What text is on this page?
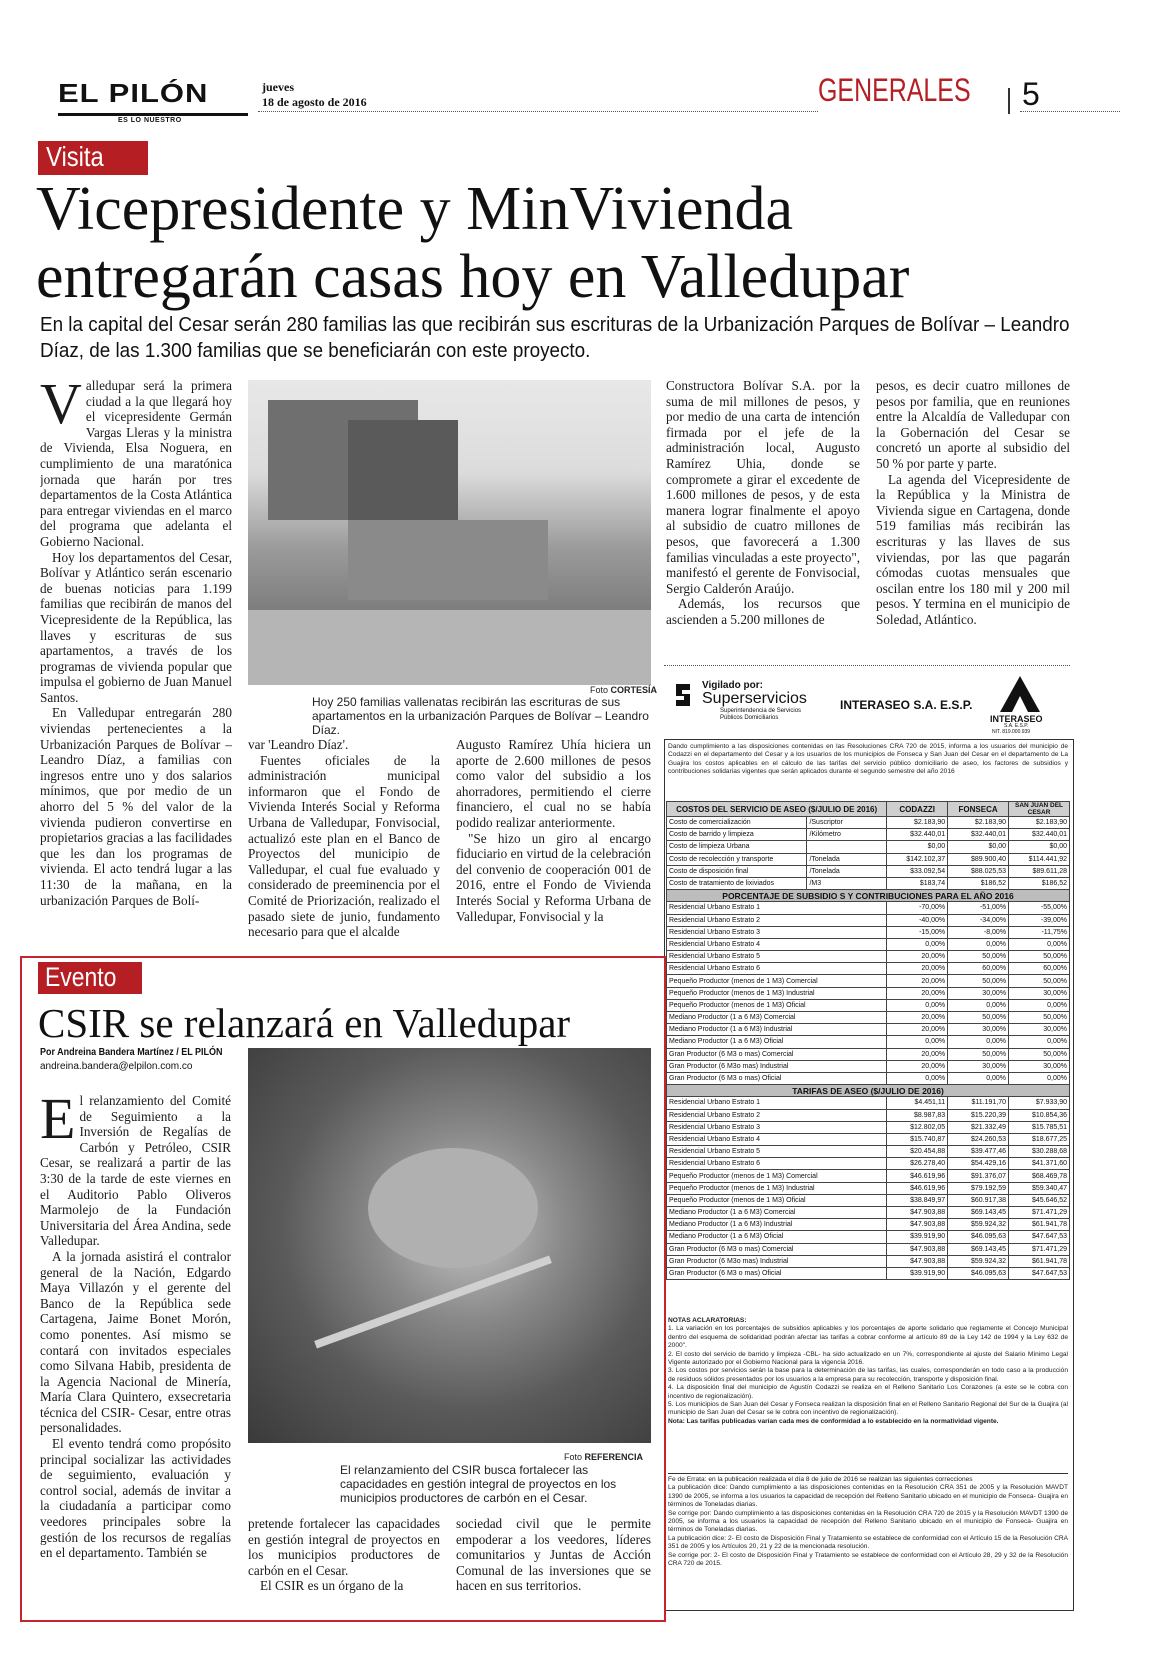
EL PILÓN
ES LO NUESTRO
jueves
18 de agosto de 2016	GENERALES 5
Visita
Vicepresidente y MinVivienda
entregarán casas hoy en Valledupar
En la capital del Cesar serán 280 familias las que recibirán sus escrituras de la Urbanización Parques de Bolívar – Leandro Díaz, de las 1.300 familias que se beneficiarán con este proyecto.
V alledupar será la primera ciudad a la que llegará hoy el vicepresidente Germán Vargas Lleras y la ministra de Vivienda, Elsa Noguera, en cumplimiento de una maratónica jornada que harán por tres departamentos de la Costa Atlántica para entregar viviendas en el marco del programa que adelanta el Gobierno Nacional.

Hoy los departamentos del Cesar, Bolívar y Atlántico serán escenario de buenas noticias para 1.199 familias que recibirán de manos del Vicepresidente de la República, las llaves y escrituras de sus apartamentos, a través de los programas de vivienda popular que impulsa el gobierno de Juan Manuel Santos.

En Valledupar entregarán 280 viviendas pertenecientes a la Urbanización Parques de Bolívar – Leandro Díaz, a familias con ingresos entre uno y dos salarios mínimos, que por medio de un ahorro del 5 % del valor de la vivienda pudieron convertirse en propietarios gracias a las facilidades que les dan los programas de vivienda. El acto tendrá lugar a las 11:30 de la mañana, en la urbanización Parques de Bolí-

Foto CORTESÍA
Hoy 250 familias vallenatas recibirán las escrituras de sus apartamentos en la urbanización Parques de Bolívar – Leandro Díaz.

var 'Leandro Díaz'.

Fuentes oficiales de la administración municipal informaron que el Fondo de Vivienda Interés Social y Reforma Urbana de Valledupar, Fonvisocial, actualizó este plan en el Banco de Proyectos del municipio de Valledupar, el cual fue evaluado y considerado de preeminencia por el Comité de Priorización, realizado el pasado siete de junio, fundamento necesario para que el alcalde

Augusto Ramírez Uhía hiciera un aporte de 2.600 millones de pesos como valor del subsidio a los ahorradores, permitiendo el cierre financiero, el cual no se había podido realizar anteriormente.

"Se hizo un giro al encargo fiduciario en virtud de la celebración del convenio de cooperación 001 de 2016, entre el Fondo de Vivienda Interés Social y Reforma Urbana de Valledupar, Fonvisocial y la

Constructora Bolívar S.A. por la suma de mil millones de pesos, y por medio de una carta de intención firmada por el jefe de la administración local, Augusto Ramírez Uhia, donde se compromete a girar el excedente de 1.600 millones de pesos, y de esta manera lograr finalmente el apoyo al subsidio de cuatro millones de pesos, que favorecerá a 1.300 familias vinculadas a este proyecto", manifestó el gerente de Fonvisocial, Sergio Calderón Araújo.

Además, los recursos que ascienden a 5.200 millones de

pesos, es decir cuatro millones de pesos por familia, que en reuniones entre la Alcaldía de Valledupar con la Gobernación del Cesar se concretó un aporte al subsidio del 50 % por parte y parte.

La agenda del Vicepresidente de la República y la Ministra de Vivienda sigue en Cartagena, donde 519 familias más recibirán las escrituras y las llaves de sus viviendas, por las que pagarán cómodas cuotas mensuales que oscilan entre los 180 mil y 200 mil pesos. Y termina en el municipio de Soledad, Atlántico.

Vigilado por:
Superservicios
Superintendencia de Servicios
Públicos Domiciliarios
INTERASEO S.A. E.S.P.
INTERASEO
S.A. E.S.P.
NIT. 819.000.939
Dando cumplimiento a las disposiciones contenidas en las Resoluciones CRA 720 de 2015, informa a los usuarios del municipio de Codazzi en el departamento del Cesar y a los usuarios de los municipios de Fonseca y San Juan del Cesar en el departamento de La Guajira los costos aplicables en el cálculo de las tarifas del servicio público domiciliario de aseo, los factores de subsidios y contribuciones solidarias vigentes que serán aplicados durante el segundo semestre del año 2016
COSTOS DEL SERVICIO DE ASEO ($/JULIO DE 2016)		CODAZZI	FONSECA	SAN JUAN DEL CESAR
Costo de comercialización	/Suscriptor	$2.183,90	$2.183,90	$2.183,90
Costo de barrido y limpieza	/Kilómetro	$32.440,01	$32.440,01	$32.440,01
Costo de limpieza Urbana		$0,00	$0,00	$0,00
Costo de recolección y transporte	/Tonelada	$142.102,37	$89.900,40	$114.441,92
Costo de disposición final	/Tonelada	$33.092,54	$88.025,53	$89.611,28
Costo de tratamiento de lixiviados	/M3	$183,74	$186,52	$186,52
PORCENTAJE DE SUBSIDIO S Y CONTRIBUCIONES PARA EL AÑO 2016				
Residencial Urbano Estrato 1		-70,00%	-51,00%	-55,00%
Residencial Urbano Estrato 2		-40,00%	-34,00%	-39,00%
Residencial Urbano Estrato 3		-15,00%	-8,00%	-11,75%
Residencial Urbano Estrato 4		0,00%	0,00%	0,00%
Residencial Urbano Estrato 5		20,00%	50,00%	50,00%
Residencial Urbano Estrato 6		20,00%	60,00%	60,00%
Pequeño Productor (menos de 1 M3) Comercial		20,00%	50,00%	50,00%
Pequeño Productor (menos de 1 M3) Industrial		20,00%	30,00%	30,00%
Pequeño Productor (menos de 1 M3) Oficial		0,00%	0,00%	0,00%
Mediano Productor (1 a 6 M3) Comercial		20,00%	50,00%	50,00%
Mediano Productor (1 a 6 M3) Industrial		20,00%	30,00%	30,00%
Mediano Productor (1 a 6 M3) Oficial		0,00%	0,00%	0,00%
Gran Productor (6 M3 o mas) Comercial		20,00%	50,00%	50,00%
Gran Productor (6 M3o mas) Industrial		20,00%	30,00%	30,00%
Gran Productor (6 M3 o mas) Oficial		0,00%	0,00%	0,00%
TARIFAS DE ASEO ($/JULIO DE 2016)				
Residencial Urbano Estrato 1		$4.451,11	$11.191,70	$7.933,90
Residencial Urbano Estrato 2		$8.987,83	$15.220,39	$10.854,36
Residencial Urbano Estrato 3		$12.802,05	$21.332,49	$15.785,51
Residencial Urbano Estrato 4		$15.740,87	$24.260,53	$18.677,25
Residencial Urbano Estrato 5		$20.454,88	$39.477,46	$30.288,68
Residencial Urbano Estrato 6		$26.278,40	$54.429,16	$41.371,60
Pequeño Productor (menos de 1 M3) Comercial		$46.619,96	$91.376,07	$68.469,78
Pequeño Productor (menos de 1 M3) Industrial		$46.619,96	$79.192,59	$59.340,47
Pequeño Productor (menos de 1 M3) Oficial		$38.849,97	$60.917,38	$45.646,52
Mediano Productor (1 a 6 M3) Comercial		$47.903,88	$69.143,45	$71.471,29
Mediano Productor (1 a 6 M3) Industrial		$47.903,88	$59.924,32	$61.941,78
Mediano Productor (1 a 6 M3) Oficial		$39.919,90	$46.095,63	$47.647,53
Gran Productor (6 M3 o mas) Comercial		$47.903,88	$69.143,45	$71.471,29
Gran Productor (6 M3o mas) Industrial		$47.903,88	$59.924,32	$61.941,78
Gran Productor (6 M3 o mas) Oficial		$39.919,90	$46.095,63	$47.647,53
NOTAS ACLARATORIAS:
1. La variación en los porcentajes de subsidios aplicables y los porcentajes de aporte solidario que reglamente el Concejo Municipal dentro del esquema de solidaridad podrán afectar las tarifas a cobrar conforme al artículo 89 de la Ley 142 de 1994 y la Ley 632 de 2000".
2. El costo del servicio de barrido y limpieza -CBL- ha sido actualizado en un 7%, correspondiente al ajuste del Salario Mínimo Legal Vigente autorizado por el Gobierno Nacional para la vigencia 2016.
3. Los costos por servicios serán la base para la determinación de las tarifas, las cuales, corresponderán en todo caso a la producción de residuos sólidos presentados por los usuarios a la empresa para su recolección, transporte y disposición final.
4. La disposición final del municipio de Agustín Codazzi se realiza en el Relleno Sanitario Los Corazones (a este se le cobra con incentivo de regionalización).
5. Los municipios de San Juan del Cesar y Fonseca realizan la disposición final en el Relleno Sanitario Regional del Sur de la Guajira (al municipio de San Juan del Cesar se le cobra con incentivo de regionalización).
Nota: Las tarifas publicadas varían cada mes de conformidad a lo establecido en la normatividad vigente.
Fe de Errata: en la publicación realizada el día 8 de julio de 2016 se realizan las siguientes correcciones
La publicación dice: Dando cumplimiento a las disposiciones contenidas en la Resolución CRA 351 de 2005 y la Resolución MAVDT 1390 de 2005, se informa a los usuarios la capacidad de recepción del Relleno Sanitario ubicado en el municipio de Fonseca- Guajira en términos de Toneladas diarias.
Se corrige por: Dando cumplimiento a las disposiciones contenidas en la Resolución CRA 720 de 2015 y la Resolución MAVDT 1390 de 2005, se informa a los usuarios la capacidad de recepción del Relleno Sanitario ubicado en el municipio de Fonseca- Guajira en términos de Toneladas diarias.
La publicación dice: 2- El costo de Disposición Final y Tratamiento se establece de conformidad con el Artículo 15 de la Resolución CRA 351 de 2005 y los Artículos 20, 21 y 22 de la mencionada resolución.
Se corrige por: 2- El costo de Disposición Final y Tratamiento se establece de conformidad con el Artículo 28, 29 y 32 de la Resolución CRA 720 de 2015.
Evento
CSIR se relanzará en Valledupar
Por Andreina Bandera Martínez / EL PILÓN
andreina.bandera@elpilon.com.co
E l relanzamiento del Comité de Seguimiento a la Inversión de Regalías de Carbón y Petróleo, CSIR Cesar, se realizará a partir de las 3:30 de la tarde de este viernes en el Auditorio Pablo Oliveros Marmolejo de la Fundación Universitaria del Área Andina, sede Valledupar.

A la jornada asistirá el contralor general de la Nación, Edgardo Maya Villazón y el gerente del Banco de la República sede Cartagena, Jaime Bonet Morón, como ponentes. Así mismo se contará con invitados especiales como Silvana Habib, presidenta de la Agencia Nacional de Minería, María Clara Quintero, exsecretaria técnica del CSIR- Cesar, entre otras personalidades.

El evento tendrá como propósito principal socializar las actividades de seguimiento, evaluación y control social, además de invitar a la ciudadanía a participar como veedores principales sobre la gestión de los recursos de regalías en el departamento. También se

Foto REFERENCIA
El relanzamiento del CSIR busca fortalecer las capacidades en gestión integral de proyectos en los municipios productores de carbón en el Cesar.

pretende fortalecer las capacidades en gestión integral de proyectos en los municipios productores de carbón en el Cesar.

El CSIR es un órgano de la

sociedad civil que le permite empoderar a los veedores, líderes comunitarios y Juntas de Acción Comunal de las inversiones que se hacen en sus territorios.
